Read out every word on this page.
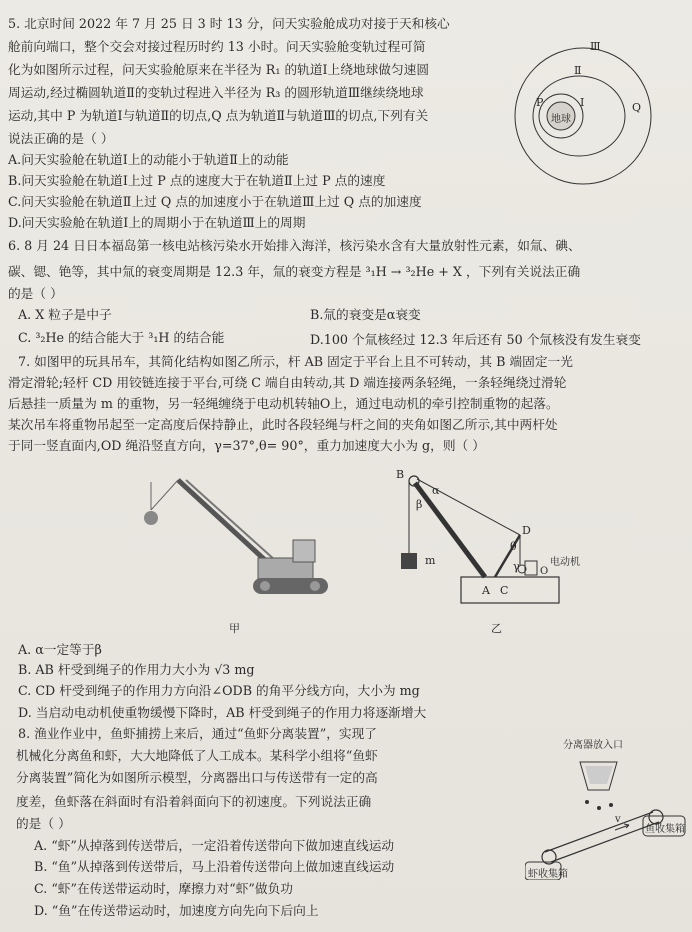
5. 北京时间 2022 年 7 月 25 日 3 时 13 分，问天实验舱成功对接于天和核心
舱前向端口，整个交会对接过程历时约 13 小时。问天实验舱变轨过程可简
化为如图所示过程，问天实验舱原来在半径为 R₁ 的轨道Ⅰ上绕地球做匀速圆
周运动,经过椭圆轨道Ⅱ的变轨过程进入半径为 R₃ 的圆形轨道Ⅲ继续绕地球
运动,其中 P 为轨道Ⅰ与轨道Ⅱ的切点,Q 点为轨道Ⅱ与轨道Ⅲ的切点,下列有关
说法正确的是（ ）
A.问天实验舱在轨道Ⅰ上的动能小于轨道Ⅱ上的动能
B.问天实验舱在轨道Ⅰ上过 P 点的速度大于在轨道Ⅱ上过 P 点的速度
C.问天实验舱在轨道Ⅱ上过 Q 点的加速度小于在轨道Ⅲ上过 Q 点的加速度
D.问天实验舱在轨道Ⅰ上的周期小于在轨道Ⅲ上的周期
Ⅲ
Ⅱ
Ⅰ
P	Q
地球
6. 8 月 24 日日本福岛第一核电站核污染水开始排入海洋，核污染水含有大量放射性元素，如氚、碘、
碳、锶、铯等，其中氚的衰变周期是 12.3 年，氚的衰变方程是 ³₁H → ³₂He + X ，下列有关说法正确
的是（ ）
A. X 粒子是中子	B.氚的衰变是α衰变
C. ³₂He 的结合能大于 ³₁H 的结合能	D.100 个氚核经过 12.3 年后还有 50 个氚核没有发生衰变
7. 如图甲的玩具吊车，其简化结构如图乙所示，杆 AB 固定于平台上且不可转动，其 B 端固定一光
滑定滑轮;轻杆 CD 用铰链连接于平台,可绕 C 端自由转动,其 D 端连接两条轻绳，一条轻绳绕过滑轮
后悬挂一质量为 m 的重物，另一轻绳缠绕于电动机转轴O上，通过电动机的牵引控制重物的起落。
某次吊车将重物吊起至一定高度后保持静止，此时各段轻绳与杆之间的夹角如图乙所示,其中两杆处
于同一竖直面内,OD 绳沿竖直方向，γ=37°,θ= 90°，重力加速度大小为 g，则（ ）
甲
B
α
β
D
θ
γ	电动机
O
m
A C
乙
A. α一定等于β
B. AB 杆受到绳子的作用力大小为 √3 mg
C. CD 杆受到绳子的作用力方向沿∠ODB 的角平分线方向，大小为 mg
D. 当启动电动机使重物缓慢下降时，AB 杆受到绳子的作用力将逐渐增大
8. 渔业作业中，鱼虾捕捞上来后，通过“鱼虾分离装置”，实现了
机械化分离鱼和虾，大大地降低了人工成本。某科学小组将“鱼虾
分离装置”简化为如图所示模型，分离器出口与传送带有一定的高
度差，鱼虾落在斜面时有沿着斜面向下的初速度。下列说法正确
的是（ ）
A. “虾”从掉落到传送带后，一定沿着传送带向下做加速直线运动
B. “鱼”从掉落到传送带后，马上沿着传送带向上做加速直线运动
C. “虾”在传送带运动时，摩擦力对“虾”做负功
D. “鱼”在传送带运动时，加速度方向先向下后向上
分离器放入口
鱼收集箱
虾收集箱
v
